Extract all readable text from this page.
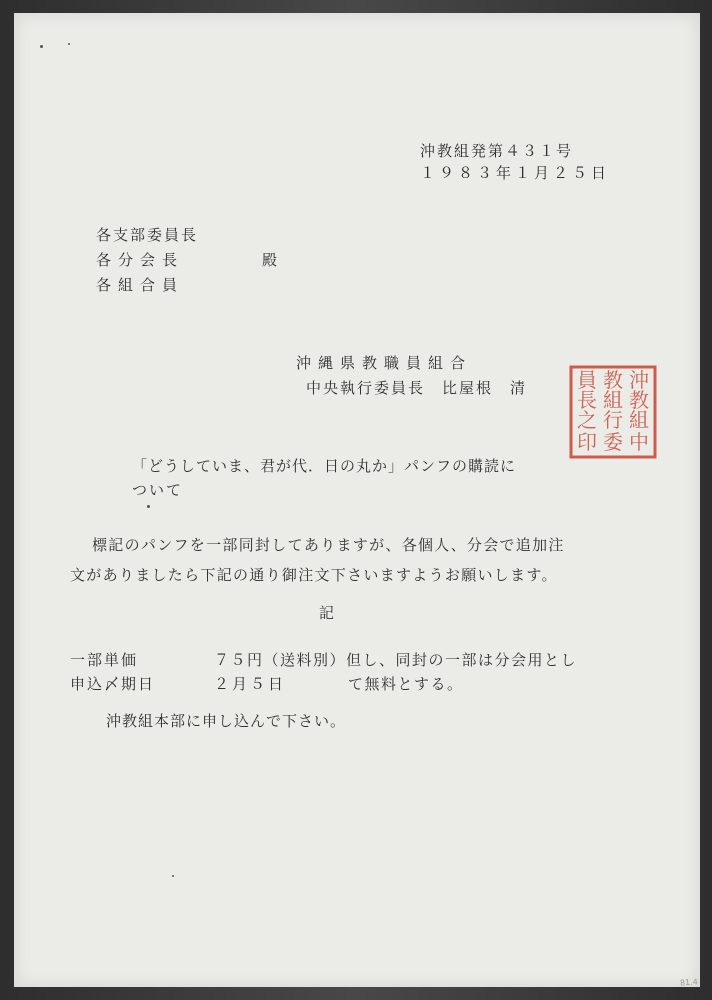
沖教組発第４３１号

１９８３年１月２５日

各支部委員長

各分会長	殿

各組合員

沖縄県教職員組合

中央執行委員長　比屋根　清	沖
教
組
中
教
組
行
委
員
長
之
印

「どうしていま、君が代．日の丸か」パンフの購読に

ついて

標記のパンフを一部同封してありますが、各個人、分会で追加注

文がありましたら下記の通り御注文下さいますようお願いします。

記

一部単価	７５円（送料別）但し、同封の一部は分会用とし

申込〆期日	２月５日	て無料とする。

沖教組本部に申し込んで下さい。

81.4
